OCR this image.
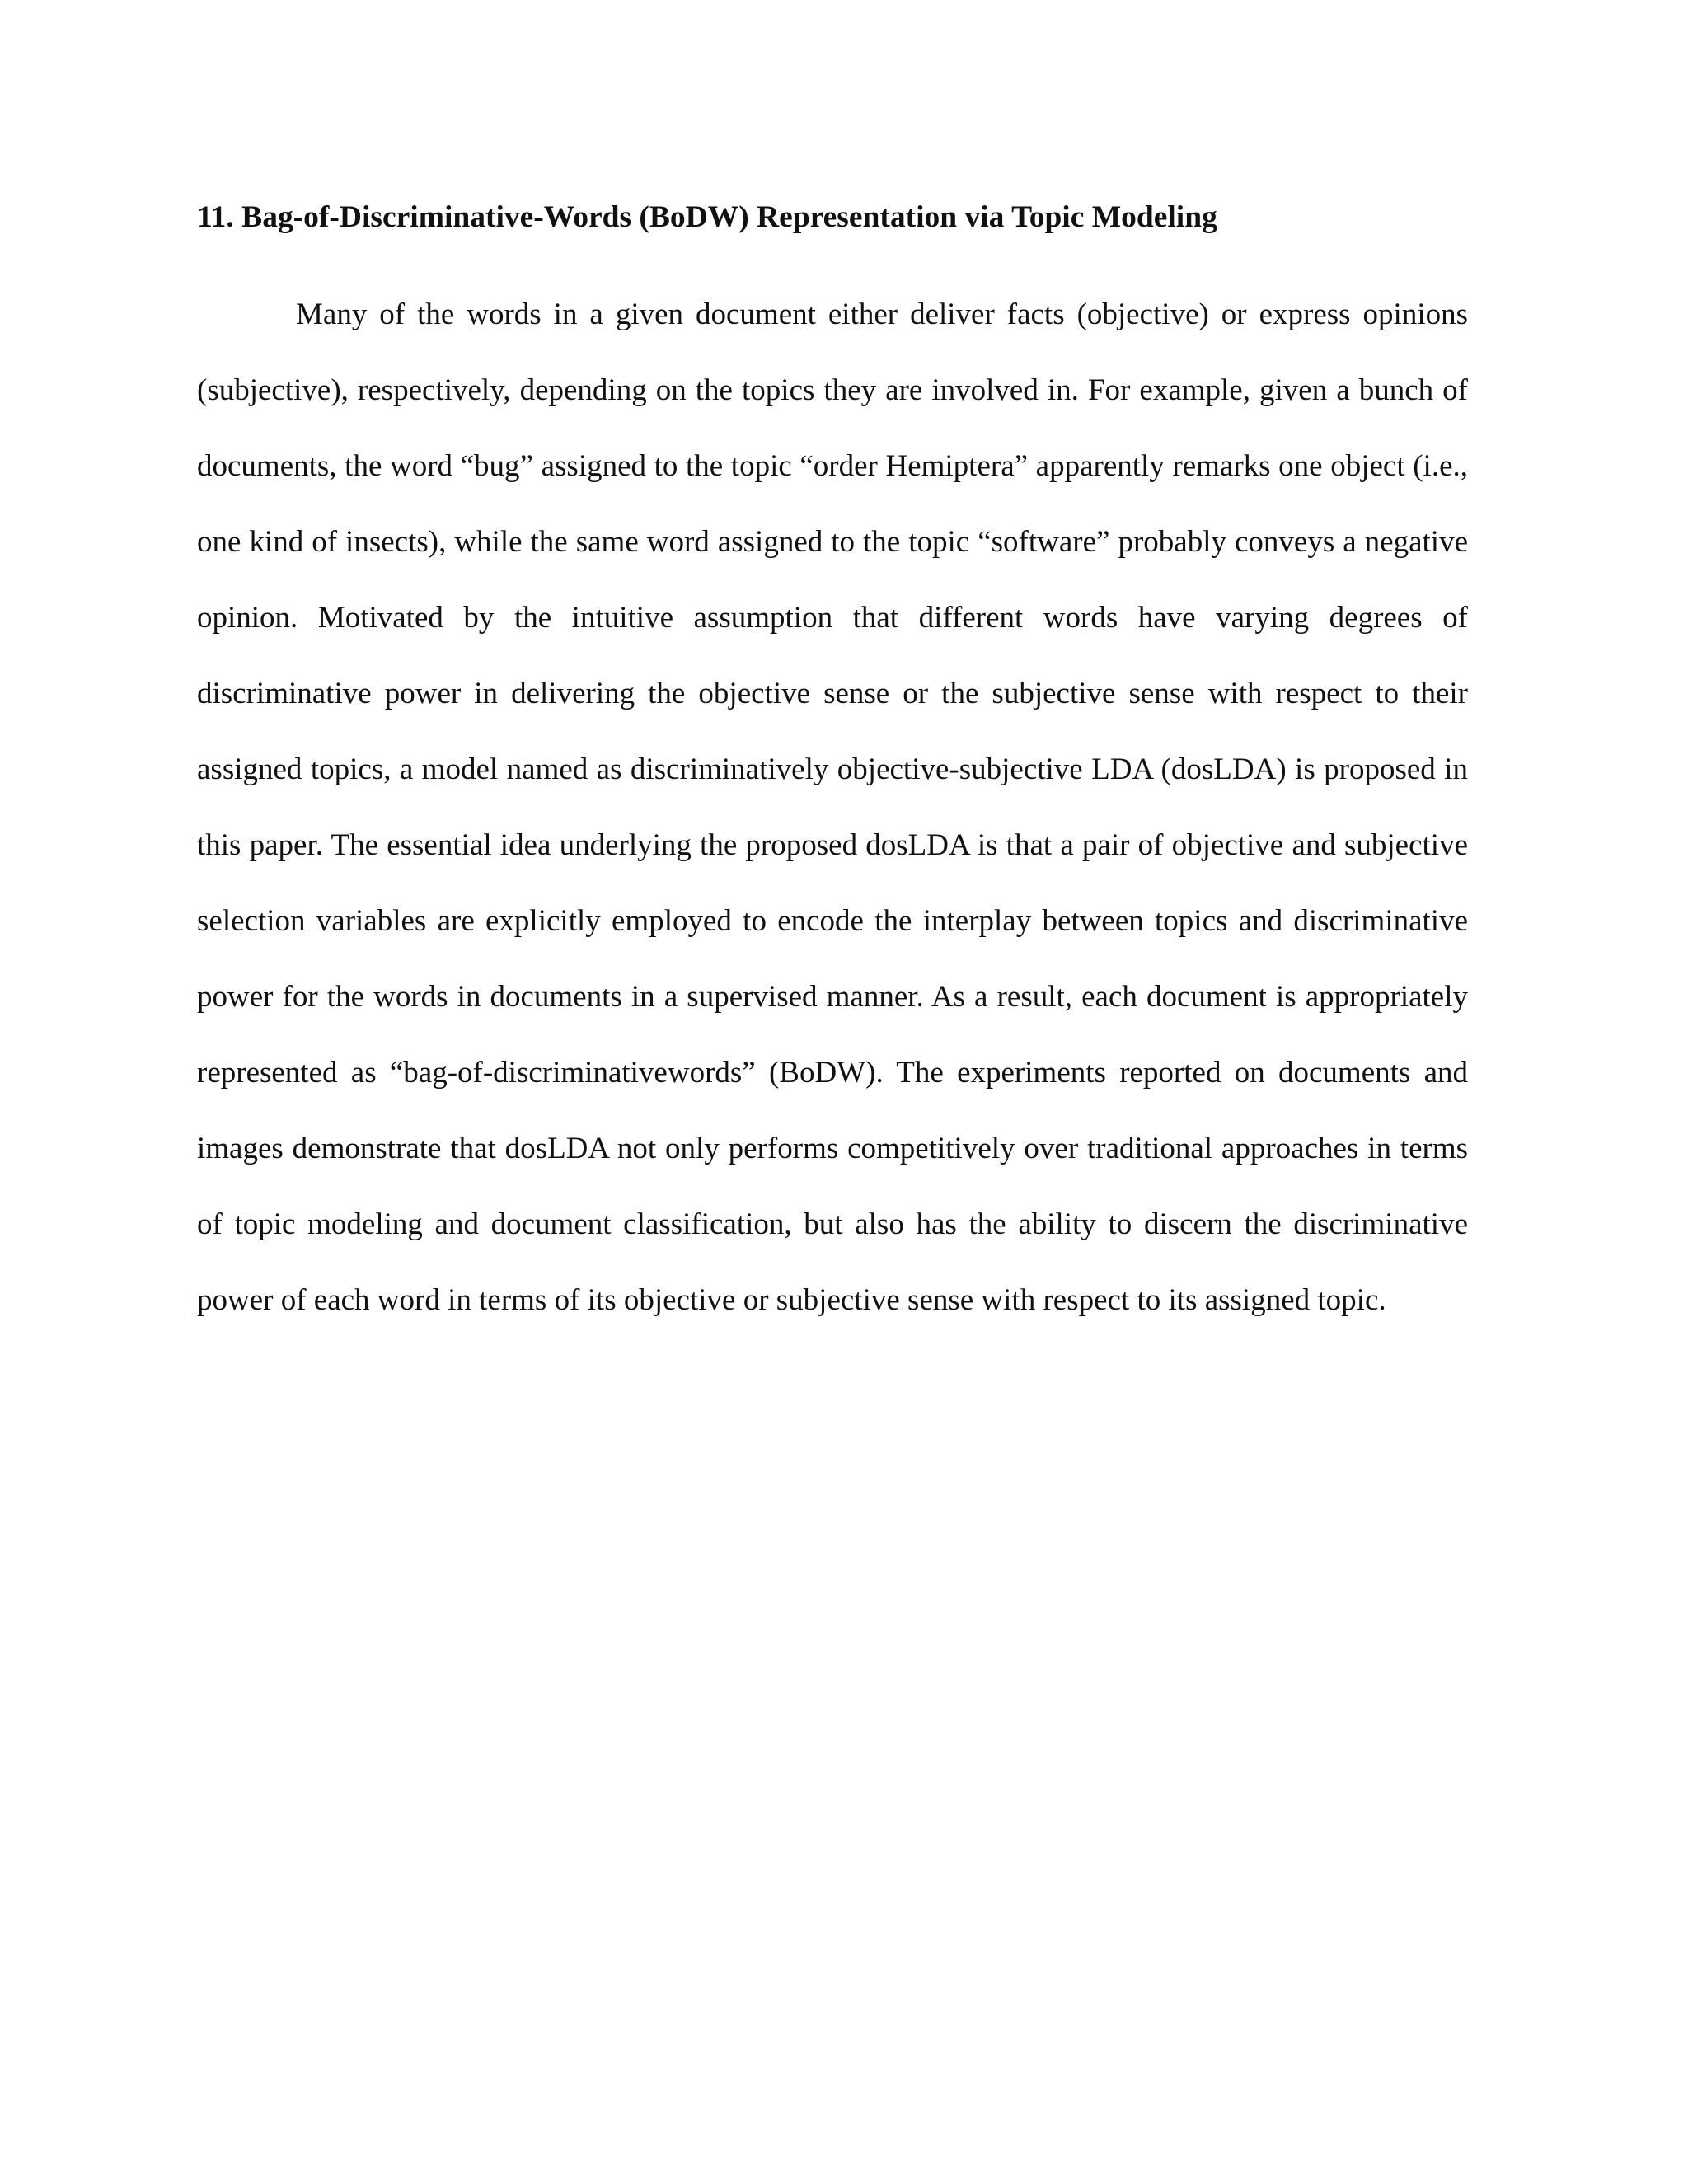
11. Bag-of-Discriminative-Words (BoDW) Representation via Topic Modeling

Many of the words in a given document either deliver facts (objective) or express opinions (subjective), respectively, depending on the topics they are involved in. For example, given a bunch of documents, the word “bug” assigned to the topic “order Hemiptera” apparently remarks one object (i.e., one kind of insects), while the same word assigned to the topic “software” probably conveys a negative opinion. Motivated by the intuitive assumption that different words have varying degrees of discriminative power in delivering the objective sense or the subjective sense with respect to their assigned topics, a model named as discriminatively objective-subjective LDA (dosLDA) is proposed in this paper. The essential idea underlying the proposed dosLDA is that a pair of objective and subjective selection variables are explicitly employed to encode the interplay between topics and discriminative power for the words in documents in a supervised manner. As a result, each document is appropriately represented as “bag-of-discriminativewords” (BoDW). The experiments reported on documents and images demonstrate that dosLDA not only performs competitively over traditional approaches in terms of topic modeling and document classification, but also has the ability to discern the discriminative power of each word in terms of its objective or subjective sense with respect to its assigned topic.
